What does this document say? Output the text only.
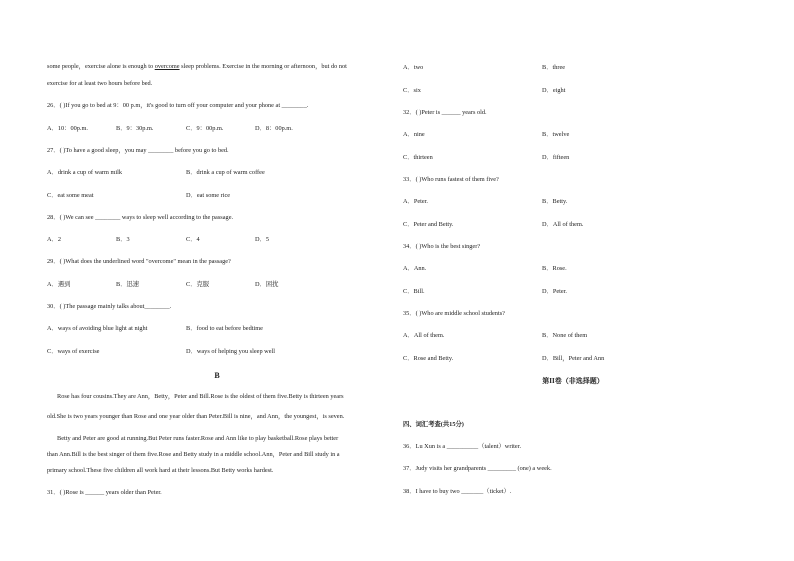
some people，exercise alone is enough to overcome sleep problems. Exercise in the morning or afternoon，but do not
exercise for at least two hours before bed.
26．( )If you go to bed at 9：00 p.m，it's good to turn off your computer and your phone at ________.
A．10：00p.m.	B．9：30p.m.	C．9：00p.m.	D．8：00p.m.
27．( )To have a good sleep，you may ________ before you go to bed.
A．drink a cup of warm milk	B．drink a cup of warm coffee
C．eat some meat	D．eat some rice
28．( )We can see ________ ways to sleep well according to the passage.
A．2	B．3	C．4	D．5
29．( )What does the underlined word "overcome" mean in the passage?
A．遇到	B．迅速	C．克服	D．困扰
30．( )The passage mainly talks about________.
A．ways of avoiding blue light at night	B．food to eat before bedtime
C．ways of exercise	D．ways of helping you sleep well
B
Rose has four cousins.They are Ann，Betty，Peter and Bill.Rose is the oldest of them five.Betty is thirteen years
old.She is two years younger than Rose and one year older than Peter.Bill is nine，and Ann，the youngest，is seven.
Betty and Peter are good at running.But Peter runs faster.Rose and Ann like to play basketball.Rose plays better
than Ann.Bill is the best singer of them five.Rose and Betty study in a middle school.Ann，Peter and Bill study in a
primary school.These five children all work hard at their lessons.But Betty works hardest.
31．( )Rose is ______ years older than Peter.
A．two	B．three
C．six	D．eight
32．( )Peter is ______ years old.
A．nine	B．twelve
C．thirteen	D．fifteen
33．( )Who runs fastest of them five?
A．Peter.	B．Betty.
C．Peter and Betty.	D．All of them.
34．( )Who is the best singer?
A．Ann.	B．Rose.
C．Bill.	D．Peter.
35．( )Who are middle school students?
A．All of them.	B．None of them
C．Rose and Betty.	D．Bill，Peter and Ann
第II卷（非选择题）
四、词汇考查(共15分)
36．Lu Xun is a __________（talent）writer.
37．Judy visits her grandparents _________ (one) a week.
38．I have to buy two _______（ticket）.
